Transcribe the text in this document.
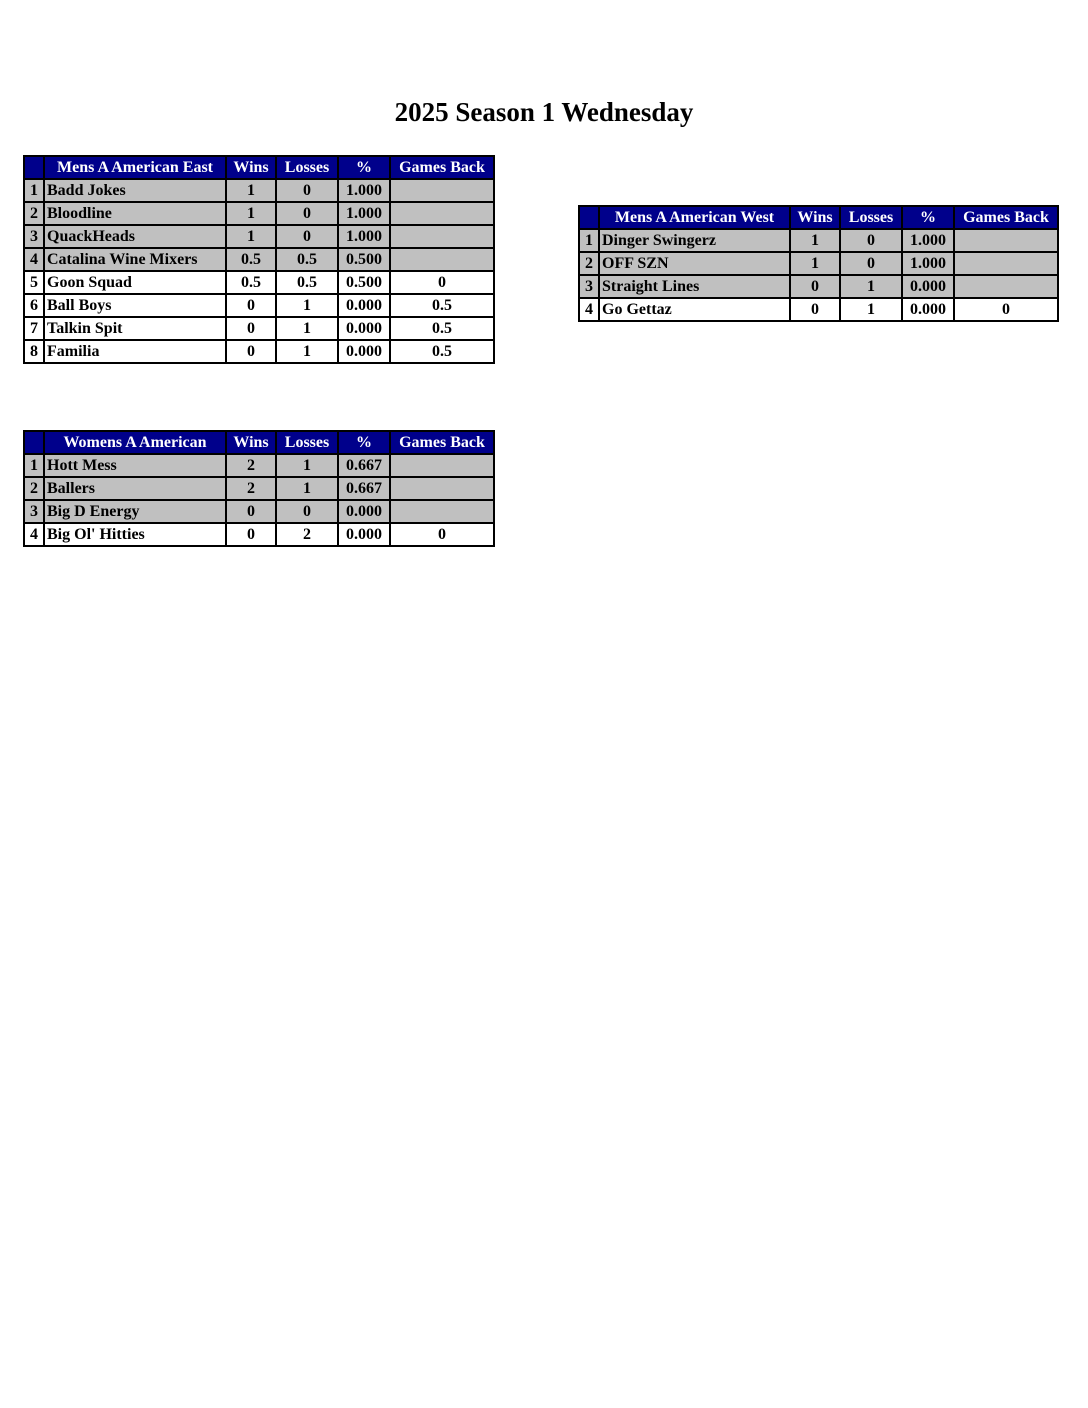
2025 Season 1 Wednesday
	Mens A American East	Wins	Losses	%	Games Back
1	Badd Jokes	1	0	1.000	
2	Bloodline	1	0	1.000	
3	QuackHeads	1	0	1.000	
4	Catalina Wine Mixers	0.5	0.5	0.500	
5	Goon Squad	0.5	0.5	0.500	0
6	Ball Boys	0	1	0.000	0.5
7	Talkin Spit	0	1	0.000	0.5
8	Familia	0	1	0.000	0.5
	Mens A American West	Wins	Losses	%	Games Back
1	Dinger Swingerz	1	0	1.000	
2	OFF SZN	1	0	1.000	
3	Straight Lines	0	1	0.000	
4	Go Gettaz	0	1	0.000	0
	Womens A American	Wins	Losses	%	Games Back
1	Hott Mess	2	1	0.667	
2	Ballers	2	1	0.667	
3	Big D Energy	0	0	0.000	
4	Big Ol' Hitties	0	2	0.000	0
